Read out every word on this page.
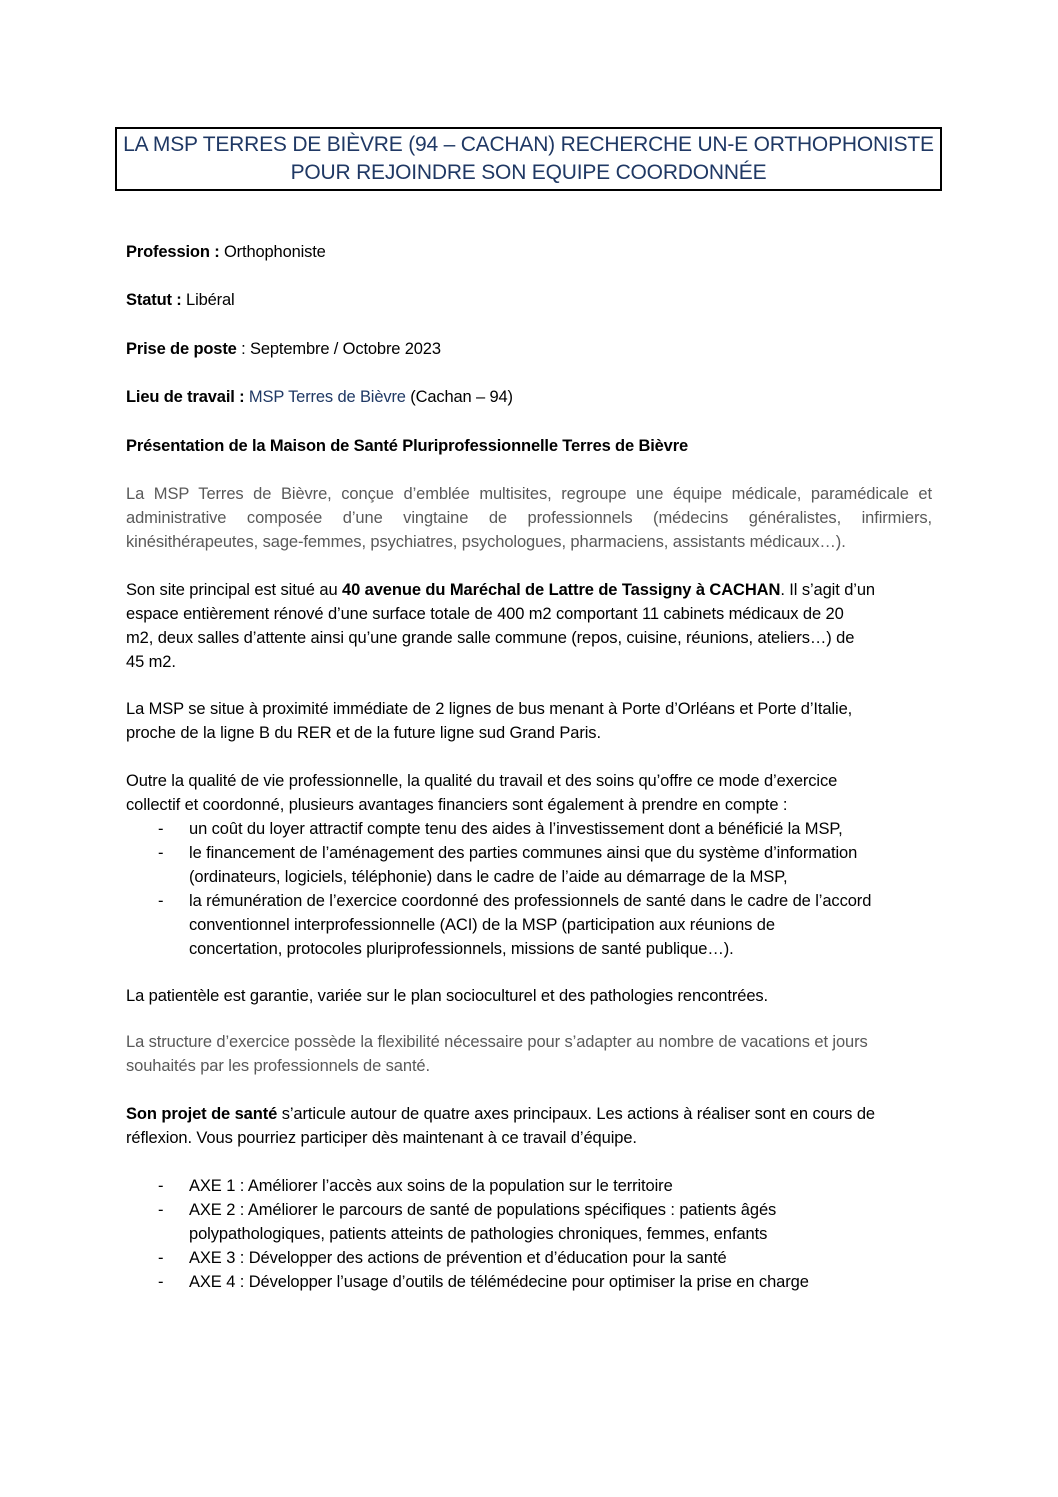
LA MSP TERRES DE BIÈVRE (94 – CACHAN) RECHERCHE UN-E ORTHOPHONISTE
POUR REJOINDRE SON EQUIPE COORDONNÉE
Profession : Orthophoniste
Statut : Libéral
Prise de poste : Septembre / Octobre 2023
Lieu de travail : MSP Terres de Bièvre (Cachan – 94)
Présentation de la Maison de Santé Pluriprofessionnelle Terres de Bièvre
La MSP Terres de Bièvre, conçue d’emblée multisites, regroupe une équipe médicale, paramédicale et administrative composée d’une vingtaine de professionnels (médecins généralistes, infirmiers, kinésithérapeutes, sage-femmes, psychiatres, psychologues, pharmaciens, assistants médicaux…).
Son site principal est situé au 40 avenue du Maréchal de Lattre de Tassigny à CACHAN. Il s’agit d’un
espace entièrement rénové d’une surface totale de 400 m2 comportant 11 cabinets médicaux de 20
m2, deux salles d’attente ainsi qu’une grande salle commune (repos, cuisine, réunions, ateliers…) de
45 m2.
La MSP se situe à proximité immédiate de 2 lignes de bus menant à Porte d’Orléans et Porte d’Italie,
proche de la ligne B du RER et de la future ligne sud Grand Paris.
Outre la qualité de vie professionnelle, la qualité du travail et des soins qu’offre ce mode d’exercice
collectif et coordonné, plusieurs avantages financiers sont également à prendre en compte :
- un coût du loyer attractif compte tenu des aides à l’investissement dont a bénéficié la MSP,
- le financement de l’aménagement des parties communes ainsi que du système d’information
(ordinateurs, logiciels, téléphonie) dans le cadre de l’aide au démarrage de la MSP,
- la rémunération de l’exercice coordonné des professionnels de santé dans le cadre de l’accord
conventionnel interprofessionnelle (ACI) de la MSP (participation aux réunions de
concertation, protocoles pluriprofessionnels, missions de santé publique…).
La patientèle est garantie, variée sur le plan socioculturel et des pathologies rencontrées.
La structure d’exercice possède la flexibilité nécessaire pour s’adapter au nombre de vacations et jours
souhaités par les professionnels de santé.
Son projet de santé s’articule autour de quatre axes principaux. Les actions à réaliser sont en cours de
réflexion. Vous pourriez participer dès maintenant à ce travail d’équipe.
- AXE 1 : Améliorer l’accès aux soins de la population sur le territoire
- AXE 2 : Améliorer le parcours de santé de populations spécifiques : patients âgés
polypathologiques, patients atteints de pathologies chroniques, femmes, enfants
- AXE 3 : Développer des actions de prévention et d’éducation pour la santé
- AXE 4 : Développer l’usage d’outils de télémédecine pour optimiser la prise en charge
